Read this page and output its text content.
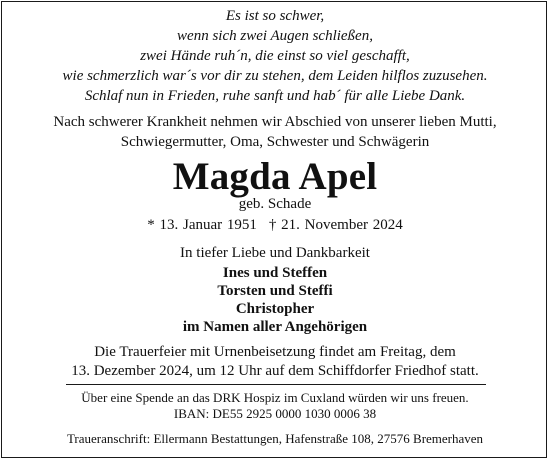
Es ist so schwer,
wenn sich zwei Augen schließen,
zwei Hände ruh´n, die einst so viel geschafft,
wie schmerzlich war´s vor dir zu stehen, dem Leiden hilflos zuzusehen.
Schlaf nun in Frieden, ruhe sanft und hab´ für alle Liebe Dank.
Nach schwerer Krankheit nehmen wir Abschied von unserer lieben Mutti,
Schwiegermutter, Oma, Schwester und Schwägerin
Magda Apel
geb. Schade
* 13. Januar 1951 † 21. November 2024
In tiefer Liebe und Dankbarkeit
Ines und Steffen
Torsten und Steffi
Christopher
im Namen aller Angehörigen
Die Trauerfeier mit Urnenbeisetzung findet am Freitag, dem
13. Dezember 2024, um 12 Uhr auf dem Schiffdorfer Friedhof statt.
Über eine Spende an das DRK Hospiz im Cuxland würden wir uns freuen.
IBAN: DE55 2925 0000 1030 0006 38
Traueranschrift: Ellermann Bestattungen, Hafenstraße 108, 27576 Bremerhaven
